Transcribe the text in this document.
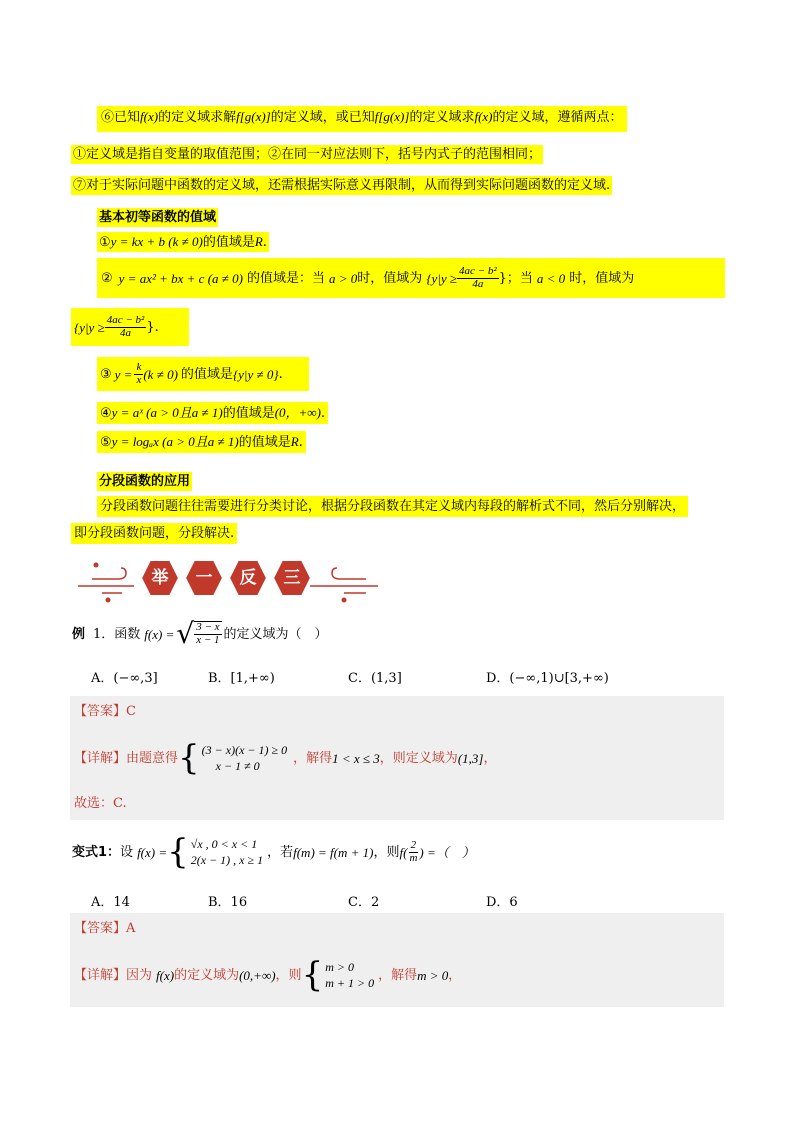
⑥已知f(x)的定义域求解f[g(x)]的定义域，或已知f[g(x)]的定义域求f(x)的定义域，遵循两点：
①定义域是指自变量的取值范围；②在同一对应法则下，括号内式子的范围相同；
⑦对于实际问题中函数的定义域，还需根据实际意义再限制，从而得到实际问题函数的定义域.
基本初等函数的值域
①y = kx + b (k ≠ 0)的值域是R.
② y = ax² + bx + c (a ≠ 0) 的值域是：当 a > 0 时，值域为 {$y|y \ge \frac{\text{4ac − b²}}{4a}$ }；当 a < 0 时，值域为
{$y|y \ge \frac{\text{4ac − b²}}{4a}$ }.
③ $y = \frac{k}{x} (k \ne 0)$ 的值域是 {y|y ≠ 0} .
④y = aˣ (a > 0且a ≠ 1)的值域是(0，+∞).
⑤y = logₐx (a > 0且a ≠ 1)的值域是R.
分段函数的应用
分段函数问题往往需要进行分类讨论，根据分段函数在其定义域内每段的解析式不同，然后分别解决，
即分段函数问题，分段解决.
举	一	反	三
例 1．函数 f(x) = √ $\frac{3 - x}{x - 1}$ 的定义域为（　）
A．(−∞,3]	B．[1,+∞)	C．(1,3]	D．(−∞,1)∪[3,+∞)
【答案】C
【详解】 由题意得 { (3 − x)(x − 1) ≥ 0
x − 1 ≠ 0
，解得 1 < x ≤ 3 ，则定义域为 (1,3] ，
故选：C.
变式1： 设 f(x) = { √x , 0 < x < 1
2(x − 1) , x ≥ 1
，若 f(m) = f(m + 1) ，则 $f( \frac{2}{m}$ ) =（　）
A．14	B．16	C．2	D．6
【答案】A
【详解】 因为 f(x) 的定义域为 (0,+∞) ，则 { m > 0
m + 1 > 0
，解得 m > 0 ，
